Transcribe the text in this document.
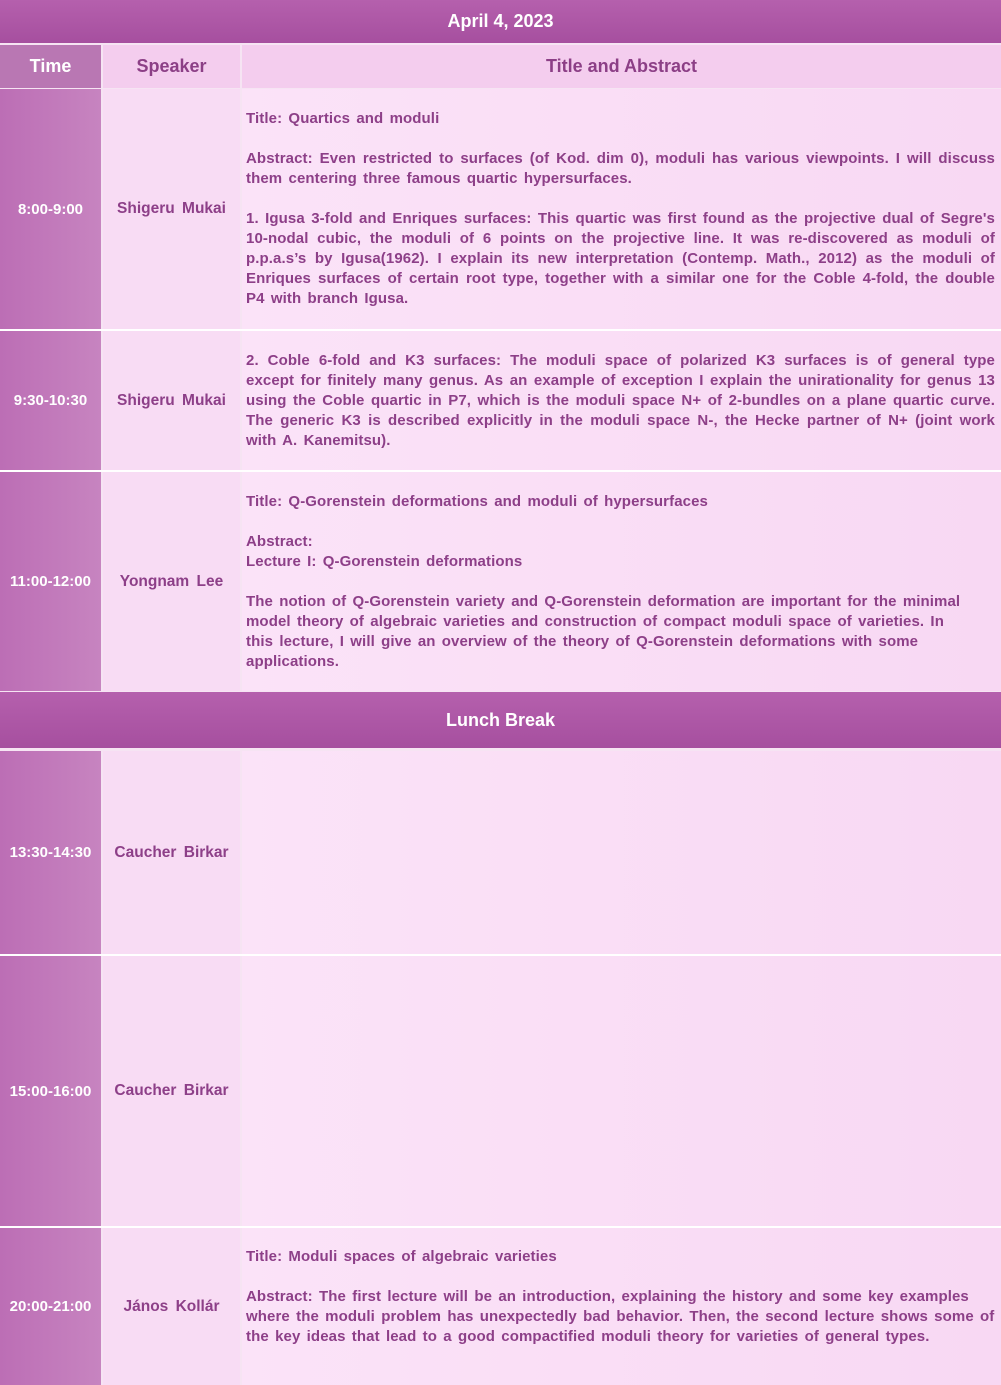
April 4, 2023
Time	Speaker	Title and Abstract
8:00-9:00	Shigeru Mukai

Title: Quartics and moduli

Abstract: Even restricted to surfaces (of Kod. dim 0), moduli has various viewpoints. I will discuss them centering three famous quartic hypersurfaces.

1. Igusa 3-fold and Enriques surfaces: This quartic was first found as the projective dual of Segre's 10-nodal cubic, the moduli of 6 points on the projective line. It was re-discovered as moduli of p.p.a.s’s by Igusa(1962). I explain its new interpretation (Contemp. Math., 2012) as the moduli of Enriques surfaces of certain root type, together with a similar one for the Coble 4-fold, the double P4 with branch Igusa.

9:30-10:30	Shigeru Mukai

2. Coble 6-fold and K3 surfaces: The moduli space of polarized K3 surfaces is of general type except for finitely many genus. As an example of exception I explain the unirationality for genus 13 using the Coble quartic in P7, which is the moduli space N+ of 2-bundles on a plane quartic curve. The generic K3 is described explicitly in the moduli space N-, the Hecke partner of N+ (joint work with A. Kanemitsu).

11:00-12:00	Yongnam Lee

Title: Q-Gorenstein deformations and moduli of hypersurfaces

Abstract:

Lecture I: Q-Gorenstein deformations

The notion of Q-Gorenstein variety and Q-Gorenstein deformation are important for the minimal model theory of algebraic varieties and construction of compact moduli space of varieties. In this lecture, I will give an overview of the theory of Q-Gorenstein deformations with some applications.

Lunch Break
13:30-14:30	Caucher Birkar
15:00-16:00	Caucher Birkar
20:00-21:00	János Kollár

Title: Moduli spaces of algebraic varieties

Abstract: The first lecture will be an introduction, explaining the history and some key examples where the moduli problem has unexpectedly bad behavior. Then, the second lecture shows some of the key ideas that lead to a good compactified moduli theory for varieties of general types.
